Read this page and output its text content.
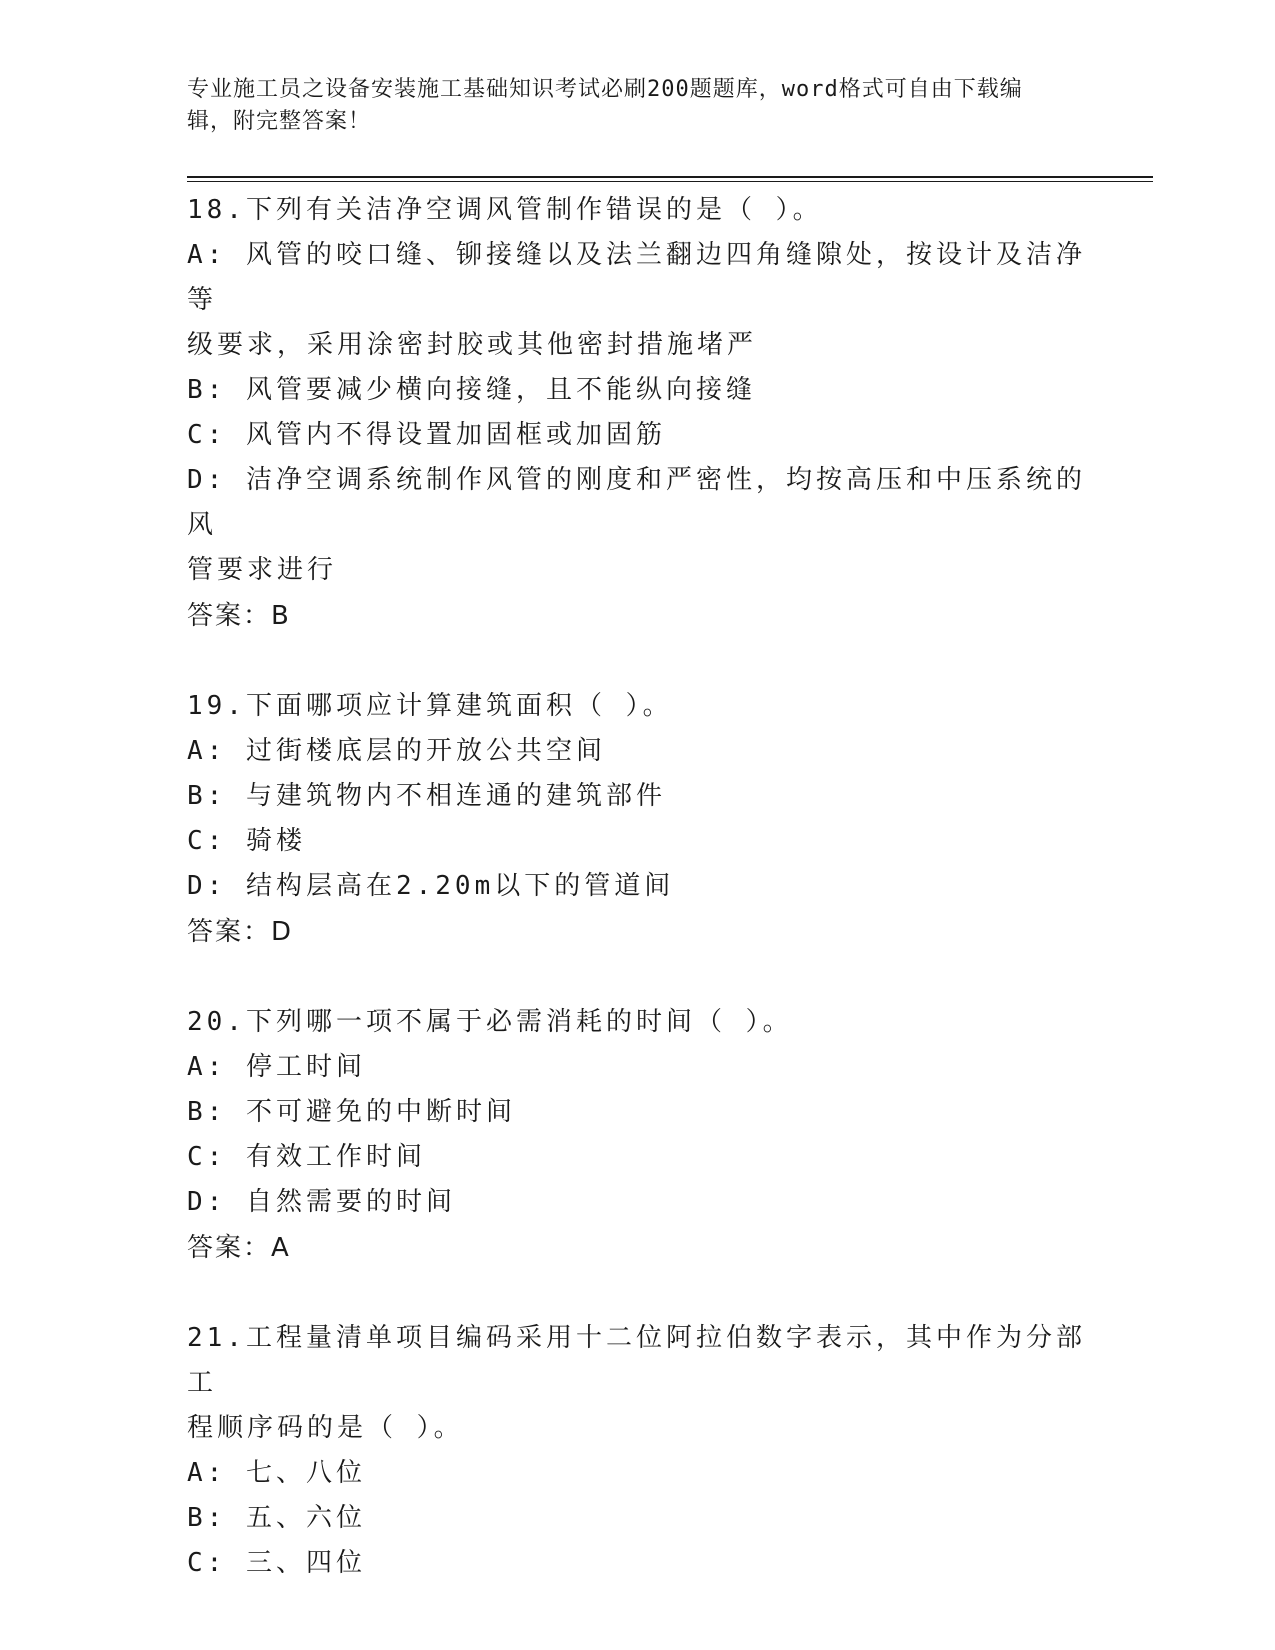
专业施工员之设备安装施工基础知识考试必刷200题题库，word格式可自由下载编辑，附完整答案！
18.下列有关洁净空调风管制作错误的是（ ）。
A: 风管的咬口缝、铆接缝以及法兰翻边四角缝隙处，按设计及洁净等
级要求，采用涂密封胶或其他密封措施堵严
B: 风管要减少横向接缝，且不能纵向接缝
C: 风管内不得设置加固框或加固筋
D: 洁净空调系统制作风管的刚度和严密性，均按高压和中压系统的风
管要求进行
答案：B
19.下面哪项应计算建筑面积（ ）。
A: 过街楼底层的开放公共空间
B: 与建筑物内不相连通的建筑部件
C: 骑楼
D: 结构层高在2.20m以下的管道间
答案：D
20.下列哪一项不属于必需消耗的时间（ ）。
A: 停工时间
B: 不可避免的中断时间
C: 有效工作时间
D: 自然需要的时间
答案：A
21.工程量清单项目编码采用十二位阿拉伯数字表示，其中作为分部工
程顺序码的是（ ）。
A: 七、八位
B: 五、六位
C: 三、四位
